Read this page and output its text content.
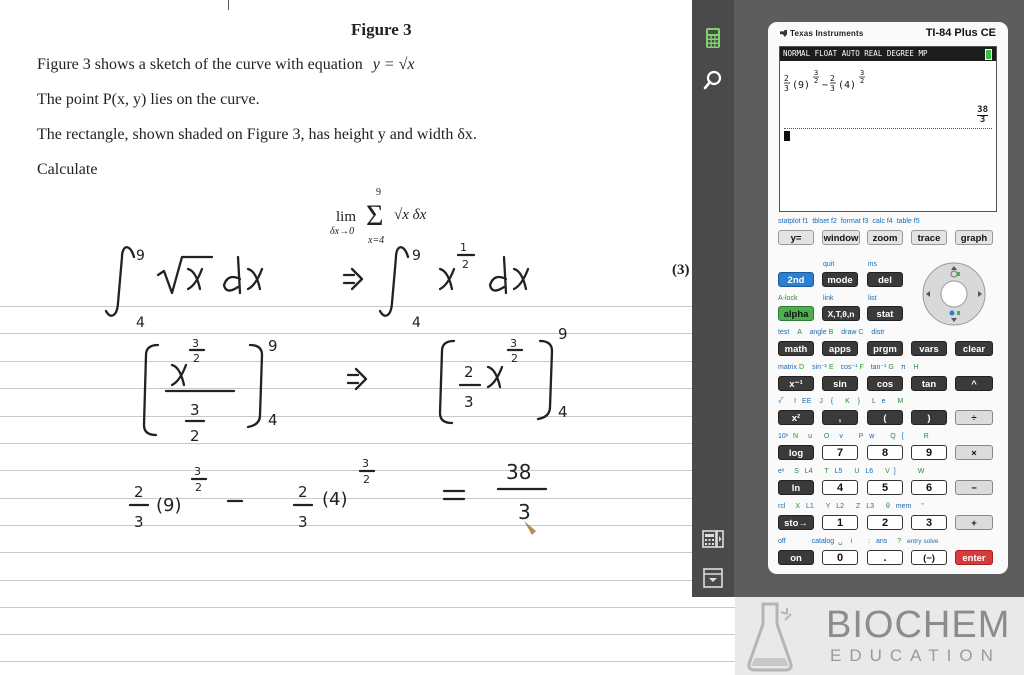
Figure 3
Figure 3 shows a sketch of the curve with equation y = √x
The point P(x, y) lies on the curve.
The rectangle, shown shaded on Figure 3, has height y and width δx.
Calculate
(3)
lim
δx→0
9
Σ
x=4
√x δx
9
4
9
4
1
2
9
4
3
2
3
2
9
4
2
3
3
2
2
3
(9)
3
2	2
3
(4)
3
2	38
3
Texas Instruments	TI-84 Plus CE
NORMAL FLOAT AUTO REAL DEGREE MP
2
3 (9)
3
2 −
2
3 (4)
3
2
$\frac{38}{3}$
statplot f1 tblset f2 format f3 calc f4 table f5
y=	window	zoom	trace	graph
quit	ins
2nd	mode	del
A-lock	link	list
alpha	X,T,θ,n	stat
test A angle B draw C distr
math	apps	prgm	vars	clear
matrix D sin⁻¹ E cos⁻¹ F tan⁻¹ G π H
x⁻¹	sin	cos	tan	^
√‾ I EE J { K } L e M
x²	,	(	)	÷
10ˣ N u O v P w Q [	R
log	7	8	9	×
eˣ S L4 T L5 U L6 V ]	W
ln	4	5	6	−
rcl X L1 Y L2 Z L3 θ mem "
sto→	1	2	3	+
off	catalog ␣ i : ans ? entry solve
on	0	.	(−)	enter
BIOCHEM
EDUCATION
